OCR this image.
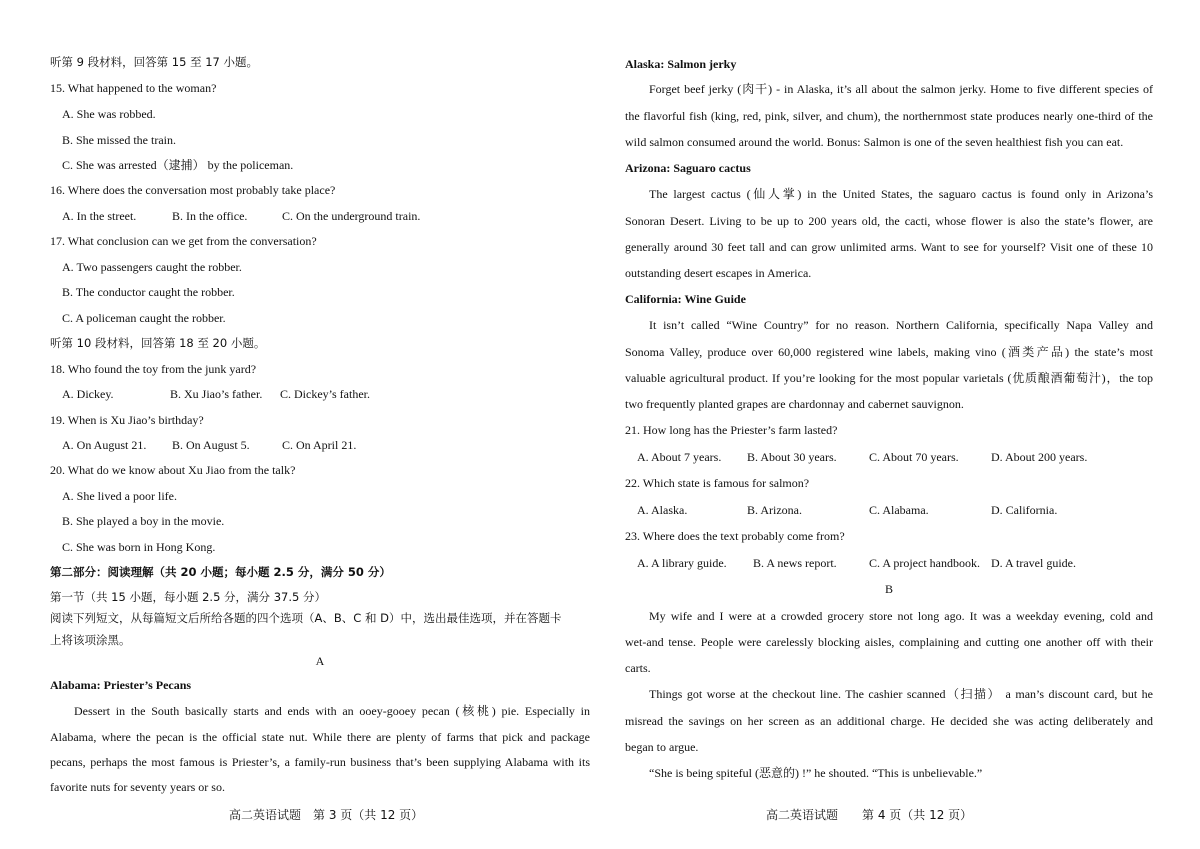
听第 9 段材料，回答第 15 至 17 小题。
15. What happened to the woman?
A. She was robbed.
B. She missed the train.
C. She was arrested（逮捕） by the policeman.
16. Where does the conversation most probably take place?
A. In the street.	B. In the office.	C. On the underground train.
17. What conclusion can we get from the conversation?
A. Two passengers caught the robber.
B. The conductor caught the robber.
C. A policeman caught the robber.
听第 10 段材料，回答第 18 至 20 小题。
18. Who found the toy from the junk yard?
A. Dickey.	B. Xu Jiao’s father. C. Dickey’s father.
19. When is Xu Jiao’s birthday?
A. On August 21. B. On August 5.	C. On April 21.
20. What do we know about Xu Jiao from the talk?
A. She lived a poor life.
B. She played a boy in the movie.
C. She was born in Hong Kong.
第二部分：阅读理解（共 20 小题；每小题 2.5 分，满分 50 分）
第一节（共 15 小题，每小题 2.5 分，满分 37.5 分）
阅读下列短文，从每篇短文后所给各题的四个选项（A、B、C 和 D）中，选出最佳选项，并在答题卡
上将该项涂黑。
A
Alabama: Priester’s Pecans
Dessert in the South basically starts and ends with an ooey-gooey pecan (核桃) pie. Especially in
Alabama, where the pecan is the official state nut. While there are plenty of farms that pick and package
pecans, perhaps the most famous is Priester’s, a family-run business that’s been supplying Alabama with its
favorite nuts for seventy years or so.
高二英语试题　第 3 页（共 12 页）
Alaska: Salmon jerky
Forget beef jerky (肉干) - in Alaska, it’s all about the salmon jerky. Home to five different species of
the flavorful fish (king, red, pink, silver, and chum), the northernmost state produces nearly one-third of the
wild salmon consumed around the world. Bonus: Salmon is one of the seven healthiest fish you can eat.
Arizona: Saguaro cactus
The largest cactus (仙人掌) in the United States, the saguaro cactus is found only in Arizona’s
Sonoran Desert. Living to be up to 200 years old, the cacti, whose flower is also the state’s flower, are
generally around 30 feet tall and can grow unlimited arms. Want to see for yourself? Visit one of these 10
outstanding desert escapes in America.
California: Wine Guide
It isn’t called “Wine Country” for no reason. Northern California, specifically Napa Valley and
Sonoma Valley, produce over 60,000 registered wine labels, making vino (酒类产品) the state’s most
valuable agricultural product. If you’re looking for the most popular varietals (优质酿酒葡萄汁)，the top
two frequently planted grapes are chardonnay and cabernet sauvignon.
21. How long has the Priester’s farm lasted?
A. About 7 years. B. About 30 years.	C. About 70 years.	D. About 200 years.
22. Which state is famous for salmon?
A. Alaska.	B. Arizona.	C. Alabama.	D. California.
23. Where does the text probably come from?
A. A library guide. B. A news report.	C. A project handbook. D. A travel guide.
B
My wife and I were at a crowded grocery store not long ago. It was a weekday evening, cold and
wet-and tense. People were carelessly blocking aisles, complaining and cutting one another off with their
carts.
Things got worse at the checkout line. The cashier scanned（扫描） a man’s discount card, but he
misread the savings on her screen as an additional charge. He decided she was acting deliberately and
began to argue.
“She is being spiteful (恶意的) !” he shouted. “This is unbelievable.”
高二英语试题　　第 4 页（共 12 页）
